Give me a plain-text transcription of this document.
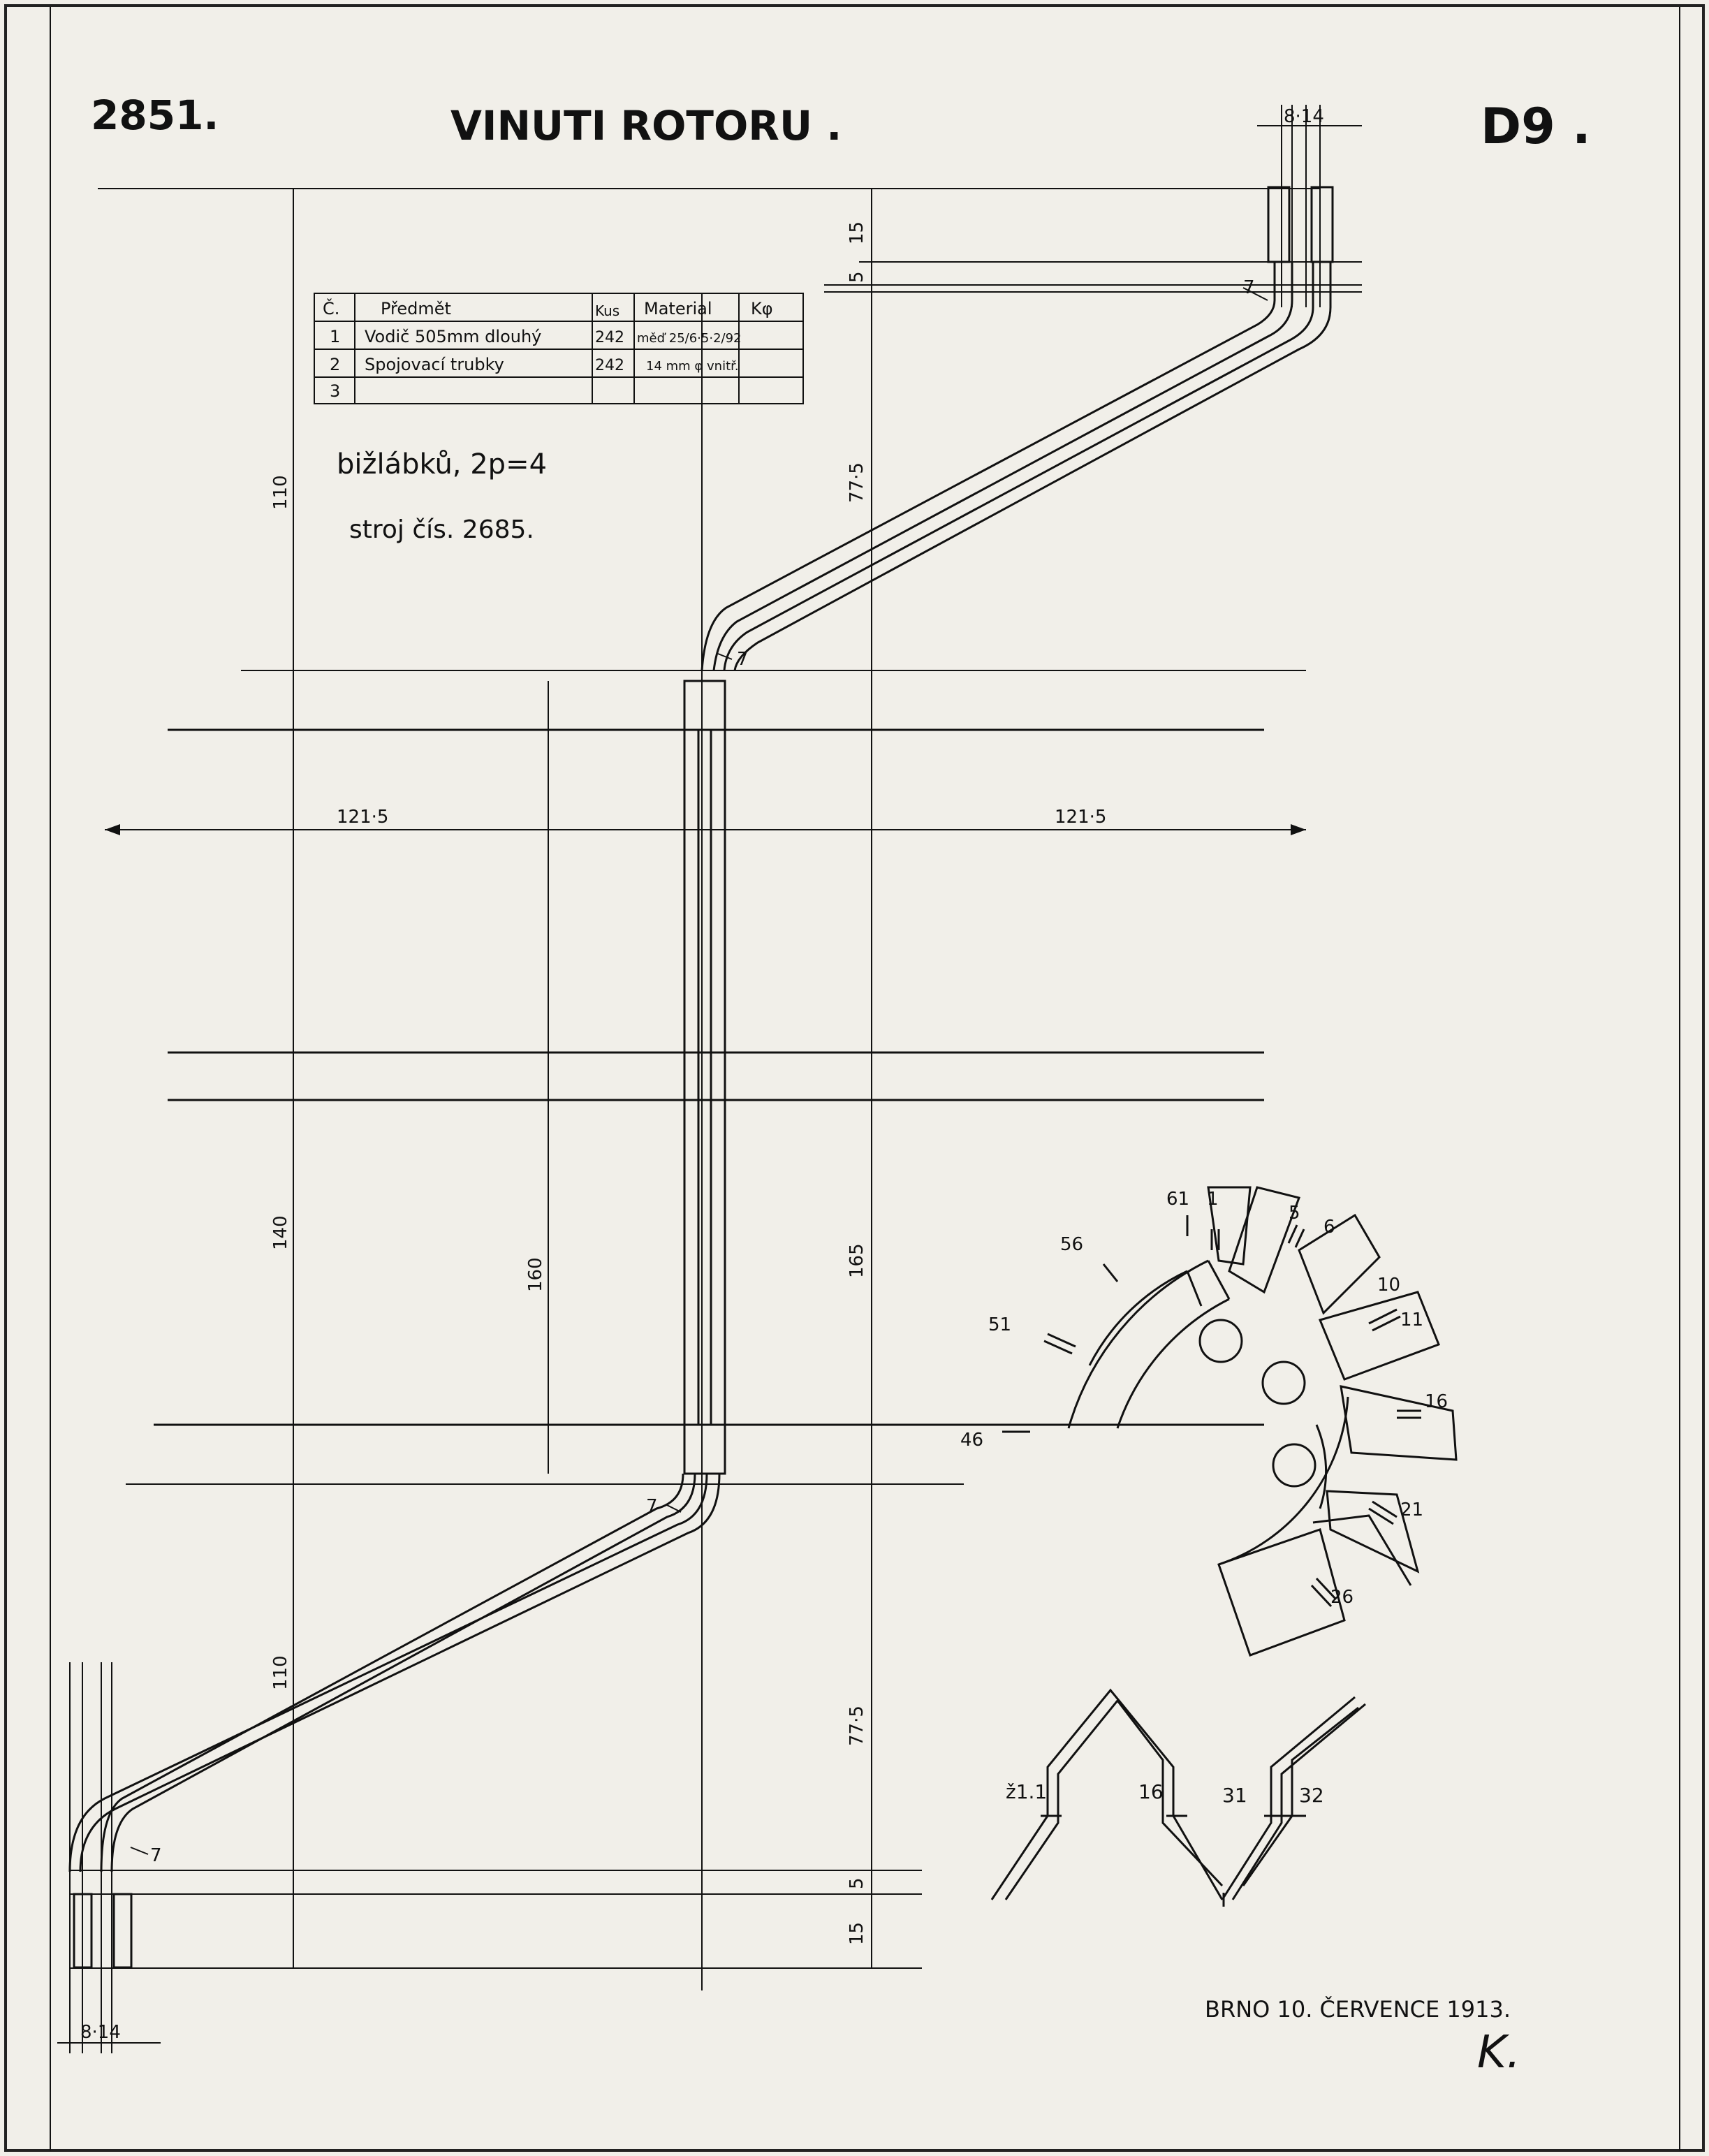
2851.	VINUTI ROTORU .	D9 .
121·5	121·5
15
5
77·5
165
77·5
5
15
110
140
110
160
8·14
8·14
Č. Předmět	Kus Material Kφ
1 Vodič 505mm dlouhý	242 měď 25/6·5·2/92
2 Spojovací trubky	242 14 mm φ vnitř.
3
bižlábků, 2p=4
stroj čís. 2685.
7
7
7
7
1
61
5
6
56
10
11
51
16
46
21
26
ž1.1	16	31	32
BRNO 10. ČERVENCE 1913.
K.
